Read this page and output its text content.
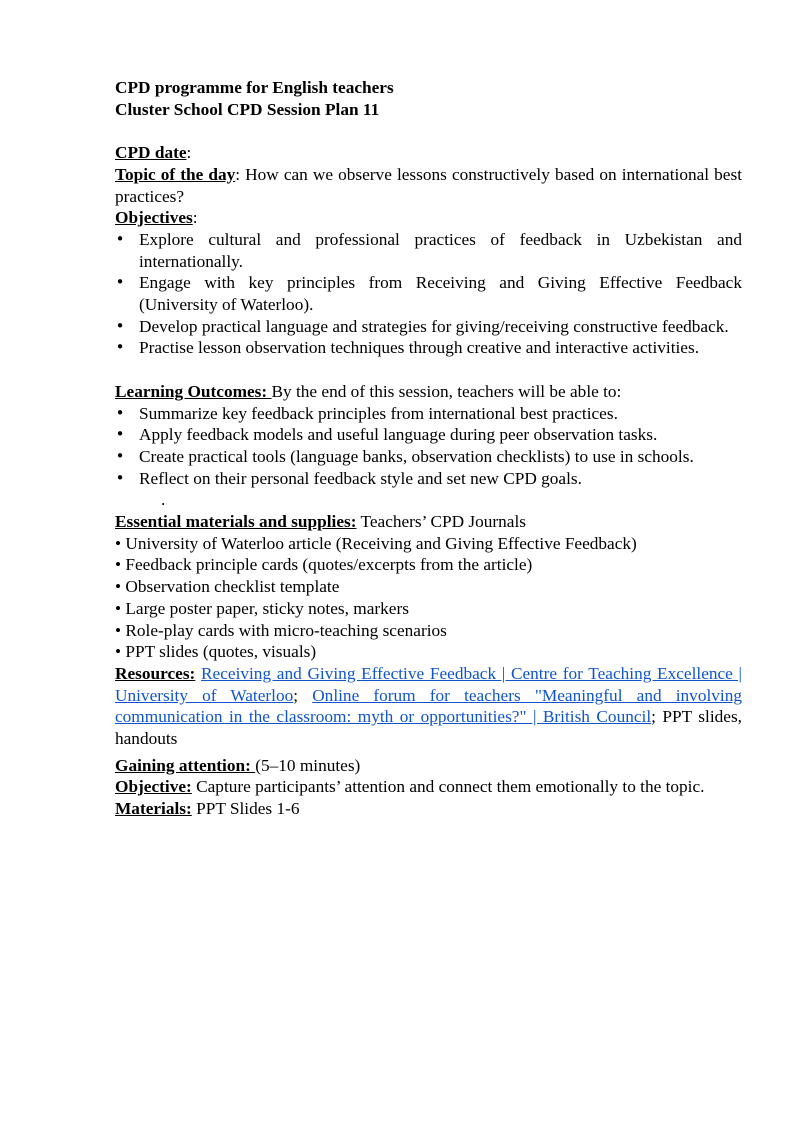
CPD programme for English teachers

Cluster School CPD Session Plan 11

CPD date:

Topic of the day: How can we observe lessons constructively based on international best practices?

Objectives:

• Explore cultural and professional practices of feedback in Uzbekistan and internationally.
• Engage with key principles from Receiving and Giving Effective Feedback (University of Waterloo).
• Develop practical language and strategies for giving/receiving constructive feedback.
• Practise lesson observation techniques through creative and interactive activities.

Learning Outcomes: By the end of this session, teachers will be able to:

• Summarize key feedback principles from international best practices.
• Apply feedback models and useful language during peer observation tasks.
• Create practical tools (language banks, observation checklists) to use in schools.
• Reflect on their personal feedback style and set new CPD goals.
.

Essential materials and supplies: Teachers’ CPD Journals

• University of Waterloo article (Receiving and Giving Effective Feedback)

• Feedback principle cards (quotes/excerpts from the article)

• Observation checklist template

• Large poster paper, sticky notes, markers

• Role-play cards with micro-teaching scenarios

• PPT slides (quotes, visuals)

Resources: Receiving and Giving Effective Feedback | Centre for Teaching Excellence | University of Waterloo; Online forum for teachers "Meaningful and involving communication in the classroom: myth or opportunities?" | British Council; PPT slides, handouts

Gaining attention: (5–10 minutes)

Objective: Capture participants’ attention and connect them emotionally to the topic.

Materials: PPT Slides 1-6
